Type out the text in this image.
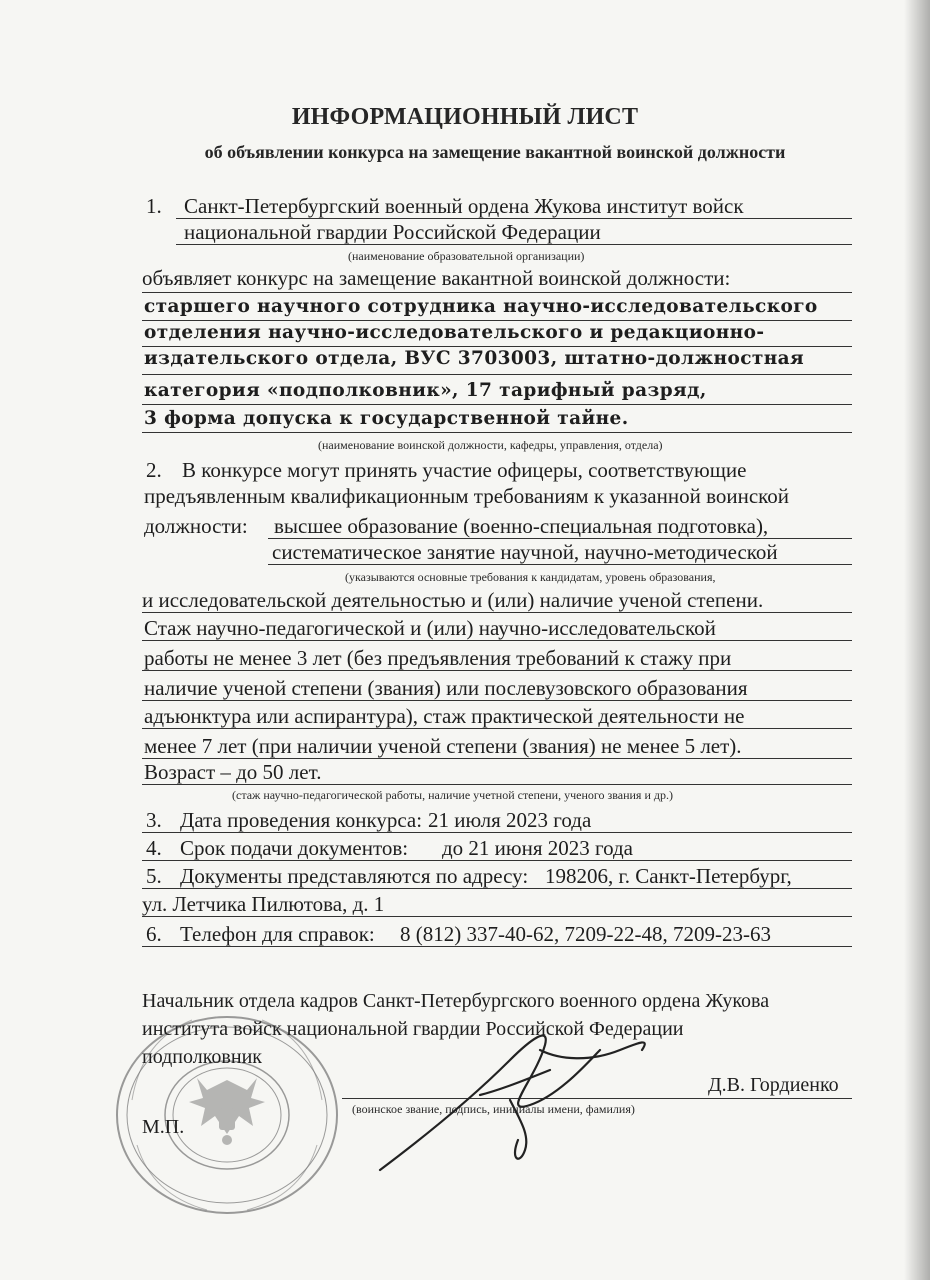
ИНФОРМАЦИОННЫЙ ЛИСТ
об объявлении конкурса на замещение вакантной воинской должности
1. Санкт-Петербургский военный ордена Жукова институт войск
национальной гвардии Российской Федерации
(наименование образовательной организации)
объявляет конкурс на замещение вакантной воинской должности:
старшего научного сотрудника научно-исследовательского
отделения научно-исследовательского и редакционно-
издательского отдела, ВУС 3703003, штатно-должностная
категория «подполковник», 17 тарифный разряд,
3 форма допуска к государственной тайне.
(наименование воинской должности, кафедры, управления, отдела)
2. В конкурсе могут принять участие офицеры, соответствующие
предъявленным квалификационным требованиям к указанной воинской
должности: высшее образование (военно-специальная подготовка),
систематическое занятие научной, научно-методической
(указываются основные требования к кандидатам, уровень образования,
и исследовательской деятельностью и (или) наличие ученой степени.
Стаж научно-педагогической и (или) научно-исследовательской
работы не менее 3 лет (без предъявления требований к стажу при
наличие ученой степени (звания) или послевузовского образования
адъюнктура или аспирантура), стаж практической деятельности не
менее 7 лет (при наличии ученой степени (звания) не менее 5 лет).
Возраст – до 50 лет.
(стаж научно-педагогической работы, наличие учетной степени, ученого звания и др.)
3. Дата проведения конкурса: 21 июля 2023 года
4. Срок подачи документов: до 21 июня 2023 года
5. Документы представляются по адресу: 198206, г. Санкт-Петербург,
ул. Летчика Пилютова, д. 1
6. Телефон для справок: 8 (812) 337-40-62, 7209-22-48, 7209-23-63
Начальник отдела кадров Санкт-Петербургского военного ордена Жукова
института войск национальной гвардии Российской Федерации
подполковник
Д.В. Гордиенко
(воинское звание, подпись, инициалы имени, фамилия)
М.П.
